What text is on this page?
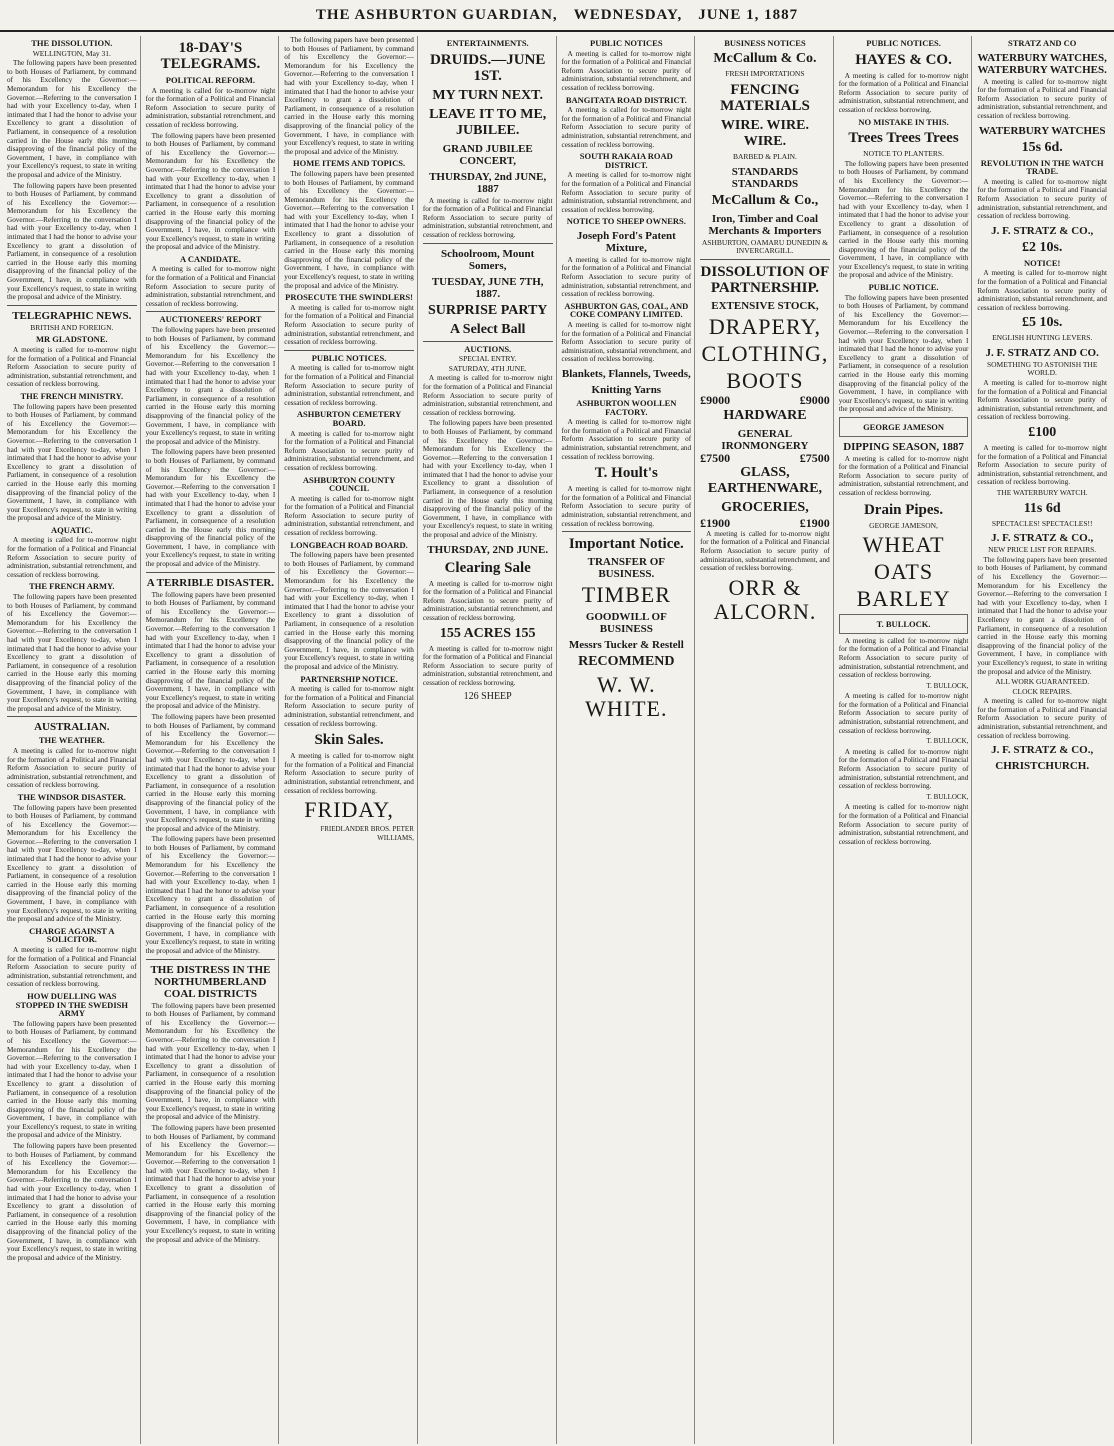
THE ASHBURTON GUARDIAN, WEDNESDAY, JUNE 1, 1887
THE DISSOLUTION.
WELLINGTON, May 31.

The following papers have been presented to both Houses of Parliament, by command of his Excellency the Governor:— Memorandum for his Excellency the Governor.—Referring to the conversation I had with your Excellency to-day, when I intimated that I had the honor to advise your Excellency to grant a dissolution of Parliament, in consequence of a resolution carried in the House early this morning disapproving of the financial policy of the Government, I have, in compliance with your Excellency's request, to state in writing the proposal and advice of the Ministry.

The following papers have been presented to both Houses of Parliament, by command of his Excellency the Governor:— Memorandum for his Excellency the Governor.—Referring to the conversation I had with your Excellency to-day, when I intimated that I had the honor to advise your Excellency to grant a dissolution of Parliament, in consequence of a resolution carried in the House early this morning disapproving of the financial policy of the Government, I have, in compliance with your Excellency's request, to state in writing the proposal and advice of the Ministry.

TELEGRAPHIC NEWS.
BRITISH AND FOREIGN.
MR GLADSTONE.

A meeting is called for to-morrow night for the formation of a Political and Financial Reform Association to secure purity of administration, substantial retrenchment, and cessation of reckless borrowing.

THE FRENCH MINISTRY.

The following papers have been presented to both Houses of Parliament, by command of his Excellency the Governor:— Memorandum for his Excellency the Governor.—Referring to the conversation I had with your Excellency to-day, when I intimated that I had the honor to advise your Excellency to grant a dissolution of Parliament, in consequence of a resolution carried in the House early this morning disapproving of the financial policy of the Government, I have, in compliance with your Excellency's request, to state in writing the proposal and advice of the Ministry.

AQUATIC.

A meeting is called for to-morrow night for the formation of a Political and Financial Reform Association to secure purity of administration, substantial retrenchment, and cessation of reckless borrowing.

THE FRENCH ARMY.

The following papers have been presented to both Houses of Parliament, by command of his Excellency the Governor:— Memorandum for his Excellency the Governor.—Referring to the conversation I had with your Excellency to-day, when I intimated that I had the honor to advise your Excellency to grant a dissolution of Parliament, in consequence of a resolution carried in the House early this morning disapproving of the financial policy of the Government, I have, in compliance with your Excellency's request, to state in writing the proposal and advice of the Ministry.

AUSTRALIAN.
THE WEATHER.

A meeting is called for to-morrow night for the formation of a Political and Financial Reform Association to secure purity of administration, substantial retrenchment, and cessation of reckless borrowing.

THE WINDSOR DISASTER.

The following papers have been presented to both Houses of Parliament, by command of his Excellency the Governor:— Memorandum for his Excellency the Governor.—Referring to the conversation I had with your Excellency to-day, when I intimated that I had the honor to advise your Excellency to grant a dissolution of Parliament, in consequence of a resolution carried in the House early this morning disapproving of the financial policy of the Government, I have, in compliance with your Excellency's request, to state in writing the proposal and advice of the Ministry.

CHARGE AGAINST A SOLICITOR.

A meeting is called for to-morrow night for the formation of a Political and Financial Reform Association to secure purity of administration, substantial retrenchment, and cessation of reckless borrowing.

HOW DUELLING WAS STOPPED IN THE SWEDISH ARMY

The following papers have been presented to both Houses of Parliament, by command of his Excellency the Governor:— Memorandum for his Excellency the Governor.—Referring to the conversation I had with your Excellency to-day, when I intimated that I had the honor to advise your Excellency to grant a dissolution of Parliament, in consequence of a resolution carried in the House early this morning disapproving of the financial policy of the Government, I have, in compliance with your Excellency's request, to state in writing the proposal and advice of the Ministry.

The following papers have been presented to both Houses of Parliament, by command of his Excellency the Governor:— Memorandum for his Excellency the Governor.—Referring to the conversation I had with your Excellency to-day, when I intimated that I had the honor to advise your Excellency to grant a dissolution of Parliament, in consequence of a resolution carried in the House early this morning disapproving of the financial policy of the Government, I have, in compliance with your Excellency's request, to state in writing the proposal and advice of the Ministry.

18-DAY'S TELEGRAMS.
POLITICAL REFORM.

A meeting is called for to-morrow night for the formation of a Political and Financial Reform Association to secure purity of administration, substantial retrenchment, and cessation of reckless borrowing.

The following papers have been presented to both Houses of Parliament, by command of his Excellency the Governor:— Memorandum for his Excellency the Governor.—Referring to the conversation I had with your Excellency to-day, when I intimated that I had the honor to advise your Excellency to grant a dissolution of Parliament, in consequence of a resolution carried in the House early this morning disapproving of the financial policy of the Government, I have, in compliance with your Excellency's request, to state in writing the proposal and advice of the Ministry.

A CANDIDATE.

A meeting is called for to-morrow night for the formation of a Political and Financial Reform Association to secure purity of administration, substantial retrenchment, and cessation of reckless borrowing.

AUCTIONEERS' REPORT

The following papers have been presented to both Houses of Parliament, by command of his Excellency the Governor:— Memorandum for his Excellency the Governor.—Referring to the conversation I had with your Excellency to-day, when I intimated that I had the honor to advise your Excellency to grant a dissolution of Parliament, in consequence of a resolution carried in the House early this morning disapproving of the financial policy of the Government, I have, in compliance with your Excellency's request, to state in writing the proposal and advice of the Ministry.

The following papers have been presented to both Houses of Parliament, by command of his Excellency the Governor:— Memorandum for his Excellency the Governor.—Referring to the conversation I had with your Excellency to-day, when I intimated that I had the honor to advise your Excellency to grant a dissolution of Parliament, in consequence of a resolution carried in the House early this morning disapproving of the financial policy of the Government, I have, in compliance with your Excellency's request, to state in writing the proposal and advice of the Ministry.

A TERRIBLE DISASTER.

The following papers have been presented to both Houses of Parliament, by command of his Excellency the Governor:— Memorandum for his Excellency the Governor.—Referring to the conversation I had with your Excellency to-day, when I intimated that I had the honor to advise your Excellency to grant a dissolution of Parliament, in consequence of a resolution carried in the House early this morning disapproving of the financial policy of the Government, I have, in compliance with your Excellency's request, to state in writing the proposal and advice of the Ministry.

The following papers have been presented to both Houses of Parliament, by command of his Excellency the Governor:— Memorandum for his Excellency the Governor.—Referring to the conversation I had with your Excellency to-day, when I intimated that I had the honor to advise your Excellency to grant a dissolution of Parliament, in consequence of a resolution carried in the House early this morning disapproving of the financial policy of the Government, I have, in compliance with your Excellency's request, to state in writing the proposal and advice of the Ministry.

The following papers have been presented to both Houses of Parliament, by command of his Excellency the Governor:— Memorandum for his Excellency the Governor.—Referring to the conversation I had with your Excellency to-day, when I intimated that I had the honor to advise your Excellency to grant a dissolution of Parliament, in consequence of a resolution carried in the House early this morning disapproving of the financial policy of the Government, I have, in compliance with your Excellency's request, to state in writing the proposal and advice of the Ministry.

THE DISTRESS IN THE NORTHUMBERLAND COAL DISTRICTS

The following papers have been presented to both Houses of Parliament, by command of his Excellency the Governor:— Memorandum for his Excellency the Governor.—Referring to the conversation I had with your Excellency to-day, when I intimated that I had the honor to advise your Excellency to grant a dissolution of Parliament, in consequence of a resolution carried in the House early this morning disapproving of the financial policy of the Government, I have, in compliance with your Excellency's request, to state in writing the proposal and advice of the Ministry.

The following papers have been presented to both Houses of Parliament, by command of his Excellency the Governor:— Memorandum for his Excellency the Governor.—Referring to the conversation I had with your Excellency to-day, when I intimated that I had the honor to advise your Excellency to grant a dissolution of Parliament, in consequence of a resolution carried in the House early this morning disapproving of the financial policy of the Government, I have, in compliance with your Excellency's request, to state in writing the proposal and advice of the Ministry.

The following papers have been presented to both Houses of Parliament, by command of his Excellency the Governor:— Memorandum for his Excellency the Governor.—Referring to the conversation I had with your Excellency to-day, when I intimated that I had the honor to advise your Excellency to grant a dissolution of Parliament, in consequence of a resolution carried in the House early this morning disapproving of the financial policy of the Government, I have, in compliance with your Excellency's request, to state in writing the proposal and advice of the Ministry.

HOME ITEMS AND TOPICS.

The following papers have been presented to both Houses of Parliament, by command of his Excellency the Governor:— Memorandum for his Excellency the Governor.—Referring to the conversation I had with your Excellency to-day, when I intimated that I had the honor to advise your Excellency to grant a dissolution of Parliament, in consequence of a resolution carried in the House early this morning disapproving of the financial policy of the Government, I have, in compliance with your Excellency's request, to state in writing the proposal and advice of the Ministry.

PROSECUTE THE SWINDLERS!

A meeting is called for to-morrow night for the formation of a Political and Financial Reform Association to secure purity of administration, substantial retrenchment, and cessation of reckless borrowing.

PUBLIC NOTICES.

A meeting is called for to-morrow night for the formation of a Political and Financial Reform Association to secure purity of administration, substantial retrenchment, and cessation of reckless borrowing.

ASHBURTON CEMETERY BOARD.

A meeting is called for to-morrow night for the formation of a Political and Financial Reform Association to secure purity of administration, substantial retrenchment, and cessation of reckless borrowing.

ASHBURTON COUNTY COUNCIL

A meeting is called for to-morrow night for the formation of a Political and Financial Reform Association to secure purity of administration, substantial retrenchment, and cessation of reckless borrowing.

LONGBEACH ROAD BOARD.

The following papers have been presented to both Houses of Parliament, by command of his Excellency the Governor:— Memorandum for his Excellency the Governor.—Referring to the conversation I had with your Excellency to-day, when I intimated that I had the honor to advise your Excellency to grant a dissolution of Parliament, in consequence of a resolution carried in the House early this morning disapproving of the financial policy of the Government, I have, in compliance with your Excellency's request, to state in writing the proposal and advice of the Ministry.

PARTNERSHIP NOTICE.

A meeting is called for to-morrow night for the formation of a Political and Financial Reform Association to secure purity of administration, substantial retrenchment, and cessation of reckless borrowing.

Skin Sales.

A meeting is called for to-morrow night for the formation of a Political and Financial Reform Association to secure purity of administration, substantial retrenchment, and cessation of reckless borrowing.

FRIDAY,
FRIEDLANDER BROS. PETER WILLIAMS,
ENTERTAINMENTS.
DRUIDS.—JUNE 1ST.
MY TURN NEXT.
LEAVE IT TO ME, JUBILEE.
GRAND JUBILEE CONCERT,
THURSDAY, 2nd JUNE, 1887

A meeting is called for to-morrow night for the formation of a Political and Financial Reform Association to secure purity of administration, substantial retrenchment, and cessation of reckless borrowing.

Schoolroom, Mount Somers,
TUESDAY, JUNE 7TH, 1887.
SURPRISE PARTY
A Select Ball
AUCTIONS.
SPECIAL ENTRY.
SATURDAY, 4TH JUNE.

A meeting is called for to-morrow night for the formation of a Political and Financial Reform Association to secure purity of administration, substantial retrenchment, and cessation of reckless borrowing.

The following papers have been presented to both Houses of Parliament, by command of his Excellency the Governor:— Memorandum for his Excellency the Governor.—Referring to the conversation I had with your Excellency to-day, when I intimated that I had the honor to advise your Excellency to grant a dissolution of Parliament, in consequence of a resolution carried in the House early this morning disapproving of the financial policy of the Government, I have, in compliance with your Excellency's request, to state in writing the proposal and advice of the Ministry.

THURSDAY, 2ND JUNE.
Clearing Sale

A meeting is called for to-morrow night for the formation of a Political and Financial Reform Association to secure purity of administration, substantial retrenchment, and cessation of reckless borrowing.

155 ACRES 155

A meeting is called for to-morrow night for the formation of a Political and Financial Reform Association to secure purity of administration, substantial retrenchment, and cessation of reckless borrowing.

126 SHEEP
PUBLIC NOTICES

A meeting is called for to-morrow night for the formation of a Political and Financial Reform Association to secure purity of administration, substantial retrenchment, and cessation of reckless borrowing.

BANGITATA ROAD DISTRICT.

A meeting is called for to-morrow night for the formation of a Political and Financial Reform Association to secure purity of administration, substantial retrenchment, and cessation of reckless borrowing.

SOUTH RAKAIA ROAD DISTRICT.

A meeting is called for to-morrow night for the formation of a Political and Financial Reform Association to secure purity of administration, substantial retrenchment, and cessation of reckless borrowing.

NOTICE TO SHEEP OWNERS.
Joseph Ford's Patent Mixture,

A meeting is called for to-morrow night for the formation of a Political and Financial Reform Association to secure purity of administration, substantial retrenchment, and cessation of reckless borrowing.

ASHBURTON GAS, COAL, AND COKE COMPANY LIMITED.

A meeting is called for to-morrow night for the formation of a Political and Financial Reform Association to secure purity of administration, substantial retrenchment, and cessation of reckless borrowing.

Blankets, Flannels, Tweeds,
Knitting Yarns
ASHBURTON WOOLLEN FACTORY.

A meeting is called for to-morrow night for the formation of a Political and Financial Reform Association to secure purity of administration, substantial retrenchment, and cessation of reckless borrowing.

T. Hoult's

A meeting is called for to-morrow night for the formation of a Political and Financial Reform Association to secure purity of administration, substantial retrenchment, and cessation of reckless borrowing.

Important Notice.
TRANSFER OF BUSINESS.
TIMBER
GOODWILL OF BUSINESS
Messrs Tucker & Restell
RECOMMEND
W. W. WHITE.
BUSINESS NOTICES
McCallum & Co.
FRESH IMPORTATIONS
FENCING MATERIALS
WIRE. WIRE. WIRE.
BARBED & PLAIN.
STANDARDS STANDARDS
McCallum & Co.,
Iron, Timber and Coal Merchants & Importers
ASHBURTON, OAMARU DUNEDIN & INVERCARGILL.
DISSOLUTION OF PARTNERSHIP.
EXTENSIVE STOCK,
DRAPERY,
CLOTHING,
BOOTS
£9000	£9000
HARDWARE
GENERAL IRONMONGERY
£7500	£7500
GLASS, EARTHENWARE,
GROCERIES,
£1900	£1900

A meeting is called for to-morrow night for the formation of a Political and Financial Reform Association to secure purity of administration, substantial retrenchment, and cessation of reckless borrowing.

ORR & ALCORN.
PUBLIC NOTICES.
HAYES & CO.

A meeting is called for to-morrow night for the formation of a Political and Financial Reform Association to secure purity of administration, substantial retrenchment, and cessation of reckless borrowing.

NO MISTAKE IN THIS.
Trees Trees Trees
NOTICE TO PLANTERS.

The following papers have been presented to both Houses of Parliament, by command of his Excellency the Governor:— Memorandum for his Excellency the Governor.—Referring to the conversation I had with your Excellency to-day, when I intimated that I had the honor to advise your Excellency to grant a dissolution of Parliament, in consequence of a resolution carried in the House early this morning disapproving of the financial policy of the Government, I have, in compliance with your Excellency's request, to state in writing the proposal and advice of the Ministry.

PUBLIC NOTICE.

The following papers have been presented to both Houses of Parliament, by command of his Excellency the Governor:— Memorandum for his Excellency the Governor.—Referring to the conversation I had with your Excellency to-day, when I intimated that I had the honor to advise your Excellency to grant a dissolution of Parliament, in consequence of a resolution carried in the House early this morning disapproving of the financial policy of the Government, I have, in compliance with your Excellency's request, to state in writing the proposal and advice of the Ministry.

GEORGE JAMESON
DIPPING SEASON, 1887

A meeting is called for to-morrow night for the formation of a Political and Financial Reform Association to secure purity of administration, substantial retrenchment, and cessation of reckless borrowing.

Drain Pipes.
GEORGE JAMESON,
WHEAT
OATS
BARLEY
T. BULLOCK.

A meeting is called for to-morrow night for the formation of a Political and Financial Reform Association to secure purity of administration, substantial retrenchment, and cessation of reckless borrowing.

T. BULLOCK,

A meeting is called for to-morrow night for the formation of a Political and Financial Reform Association to secure purity of administration, substantial retrenchment, and cessation of reckless borrowing.

T. BULLOCK,

A meeting is called for to-morrow night for the formation of a Political and Financial Reform Association to secure purity of administration, substantial retrenchment, and cessation of reckless borrowing.

T. BULLOCK,

A meeting is called for to-morrow night for the formation of a Political and Financial Reform Association to secure purity of administration, substantial retrenchment, and cessation of reckless borrowing.

STRATZ AND CO
WATERBURY WATCHES, WATERBURY WATCHES.

A meeting is called for to-morrow night for the formation of a Political and Financial Reform Association to secure purity of administration, substantial retrenchment, and cessation of reckless borrowing.

WATERBURY WATCHES
15s 6d.
REVOLUTION IN THE WATCH TRADE.

A meeting is called for to-morrow night for the formation of a Political and Financial Reform Association to secure purity of administration, substantial retrenchment, and cessation of reckless borrowing.

J. F. STRATZ & CO.,
£2 10s.
NOTICE!

A meeting is called for to-morrow night for the formation of a Political and Financial Reform Association to secure purity of administration, substantial retrenchment, and cessation of reckless borrowing.

£5 10s.
ENGLISH HUNTING LEVERS.
J. F. STRATZ AND CO.
SOMETHING TO ASTONISH THE WORLD.

A meeting is called for to-morrow night for the formation of a Political and Financial Reform Association to secure purity of administration, substantial retrenchment, and cessation of reckless borrowing.

£100

A meeting is called for to-morrow night for the formation of a Political and Financial Reform Association to secure purity of administration, substantial retrenchment, and cessation of reckless borrowing.

THE WATERBURY WATCH.
11s 6d
SPECTACLES! SPECTACLES!!
J. F. STRATZ & CO.,
NEW PRICE LIST FOR REPAIRS.

The following papers have been presented to both Houses of Parliament, by command of his Excellency the Governor:— Memorandum for his Excellency the Governor.—Referring to the conversation I had with your Excellency to-day, when I intimated that I had the honor to advise your Excellency to grant a dissolution of Parliament, in consequence of a resolution carried in the House early this morning disapproving of the financial policy of the Government, I have, in compliance with your Excellency's request, to state in writing the proposal and advice of the Ministry.

ALL WORK GUARANTEED.
CLOCK REPAIRS.

A meeting is called for to-morrow night for the formation of a Political and Financial Reform Association to secure purity of administration, substantial retrenchment, and cessation of reckless borrowing.

J. F. STRATZ & CO.,
CHRISTCHURCH.
